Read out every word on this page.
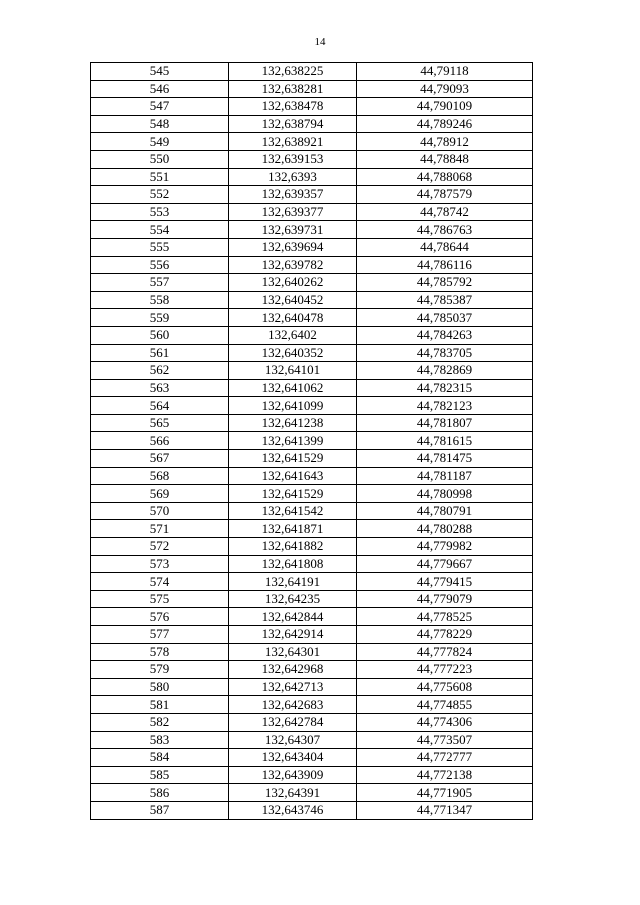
14
545	132,638225	44,79118
546	132,638281	44,79093
547	132,638478	44,790109
548	132,638794	44,789246
549	132,638921	44,78912
550	132,639153	44,78848
551	132,6393	44,788068
552	132,639357	44,787579
553	132,639377	44,78742
554	132,639731	44,786763
555	132,639694	44,78644
556	132,639782	44,786116
557	132,640262	44,785792
558	132,640452	44,785387
559	132,640478	44,785037
560	132,6402	44,784263
561	132,640352	44,783705
562	132,64101	44,782869
563	132,641062	44,782315
564	132,641099	44,782123
565	132,641238	44,781807
566	132,641399	44,781615
567	132,641529	44,781475
568	132,641643	44,781187
569	132,641529	44,780998
570	132,641542	44,780791
571	132,641871	44,780288
572	132,641882	44,779982
573	132,641808	44,779667
574	132,64191	44,779415
575	132,64235	44,779079
576	132,642844	44,778525
577	132,642914	44,778229
578	132,64301	44,777824
579	132,642968	44,777223
580	132,642713	44,775608
581	132,642683	44,774855
582	132,642784	44,774306
583	132,64307	44,773507
584	132,643404	44,772777
585	132,643909	44,772138
586	132,64391	44,771905
587	132,643746	44,771347
